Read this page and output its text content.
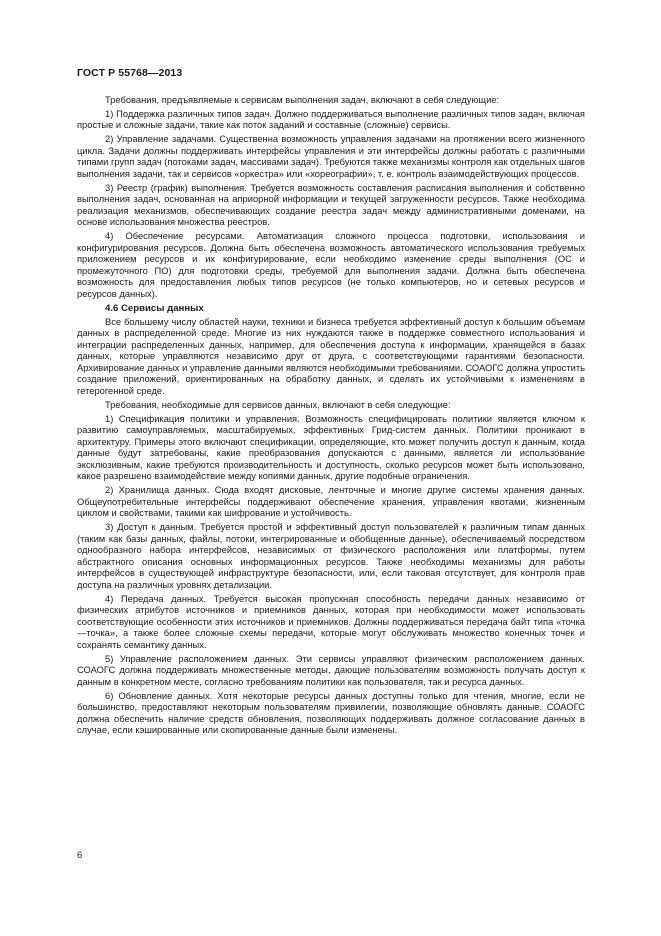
ГОСТ Р 55768—2013

Требования, предъявляемые к сервисам выполнения задач, включают в себя следующие:

1) Поддержка различных типов задач. Должно поддерживаться выполнение различных типов задач, включая простые и сложные задачи, такие как поток заданий и составные (сложные) сервисы.

2) Управление задачами. Существенна возможность управления задачами на протяжении всего жизненного цикла. Задачи должны поддерживать интерфейсы управления и эти интерфейсы должны работать с различными типами групп задач (потоками задач, массивами задач). Требуются также механизмы контроля как отдельных шагов выполнения задачи, так и сервисов «оркестра» или «хореографии», т. е. контроль взаимодействующих процессов.

3) Реестр (график) выполнения. Требуется возможность составления расписания выполнения и собственно выполнения задач, основанная на априорной информации и текущей загруженности ресурсов. Также необходима реализация механизмов, обеспечивающих создание реестра задач между административными доменами, на основе использования множества реестров.

4) Обеспечение ресурсами. Автоматизация сложного процесса подготовки, использования и конфигурирования ресурсов. Должна быть обеспечена возможность автоматического использования требуемых приложением ресурсов и их конфигурирование, если необходимо изменение среды выполнения (ОС и промежуточного ПО) для подготовки среды, требуемой для выполнения задачи. Должна быть обеспечена возможность для предоставления любых типов ресурсов (не только компьютеров, но и сетевых ресурсов и ресурсов данных).

4.6 Сервисы данных

Все большему числу областей науки, техники и бизнеса требуется эффективный доступ к большим объемам данных в распределенной среде. Многие из них нуждаются также в поддержке совместного использования и интеграции распределенных данных, например, для обеспечения доступа к информации, хранящейся в базах данных, которые управляются независимо друг от друга, с соответствующими гарантиями безопасности. Архивирование данных и управление данными являются необходимыми требованиями. СОАОГС должна упростить создание приложений, ориентированных на обработку данных, и сделать их устойчивыми к изменениям в гетерогенной среде.

Требования, необходимые для сервисов данных, включают в себя следующие:

1) Спецификация политики и управления. Возможность специфицировать политики является ключом к развитию самоуправляемых, масштабируемых, эффективных Грид-систем данных. Политики проникают в архитектуру. Примеры этого включают спецификации, определяющие, кто может получить доступ к данным, когда данные будут затребованы, какие преобразования допускаются с данными, является ли использование эксклюзивным, какие требуются производительность и доступность, сколько ресурсов может быть использовано, какое разрешено взаимодействие между копиями данных, другие подобные ограничения.

2) Хранилища данных. Сюда входят дисковые, ленточные и многие другие системы хранения данных. Общеупотребительные интерфейсы поддерживают обеспечение хранения, управления квотами, жизненным циклом и свойствами, такими как шифрование и устойчивость.

3) Доступ к данным. Требуется простой и эффективный доступ пользователей к различным типам данных (таким как базы данных, файлы, потоки, интегрированные и обобщенные данные), обеспечиваемый посредством однообразного набора интерфейсов, независимых от физического расположения или платформы, путем абстрактного описания основных информационных ресурсов. Также необходимы механизмы для работы интерфейсов в существующей инфраструктуре безопасности, или, если таковая отсутствует, для контроля прав доступа на различных уровнях детализации.

4) Передача данных. Требуется высокая пропускная способность передачи данных независимо от физических атрибутов источников и приемников данных, которая при необходимости может использовать соответствующие особенности этих источников и приемников. Должны поддерживаться передача байт типа «точка—точка», а также более сложные схемы передачи, которые могут обслуживать множество конечных точек и сохранять семантику данных.

5) Управление расположением данных. Эти сервисы управляют физическим расположением данных. СОАОГС должна поддерживать множественные методы, дающие пользователям возможность получать доступ к данным в конкретном месте, согласно требованиям политики как пользователя, так и ресурса данных.

6) Обновление данных. Хотя некоторые ресурсы данных доступны только для чтения, многие, если не большинство, предоставляют некоторым пользователям привилегии, позволяющие обновлять данные. СОАОГС должна обеспечить наличие средств обновления, позволяющих поддерживать должное согласование данных в случае, если кэшированные или скопированные данные были изменены.

6
